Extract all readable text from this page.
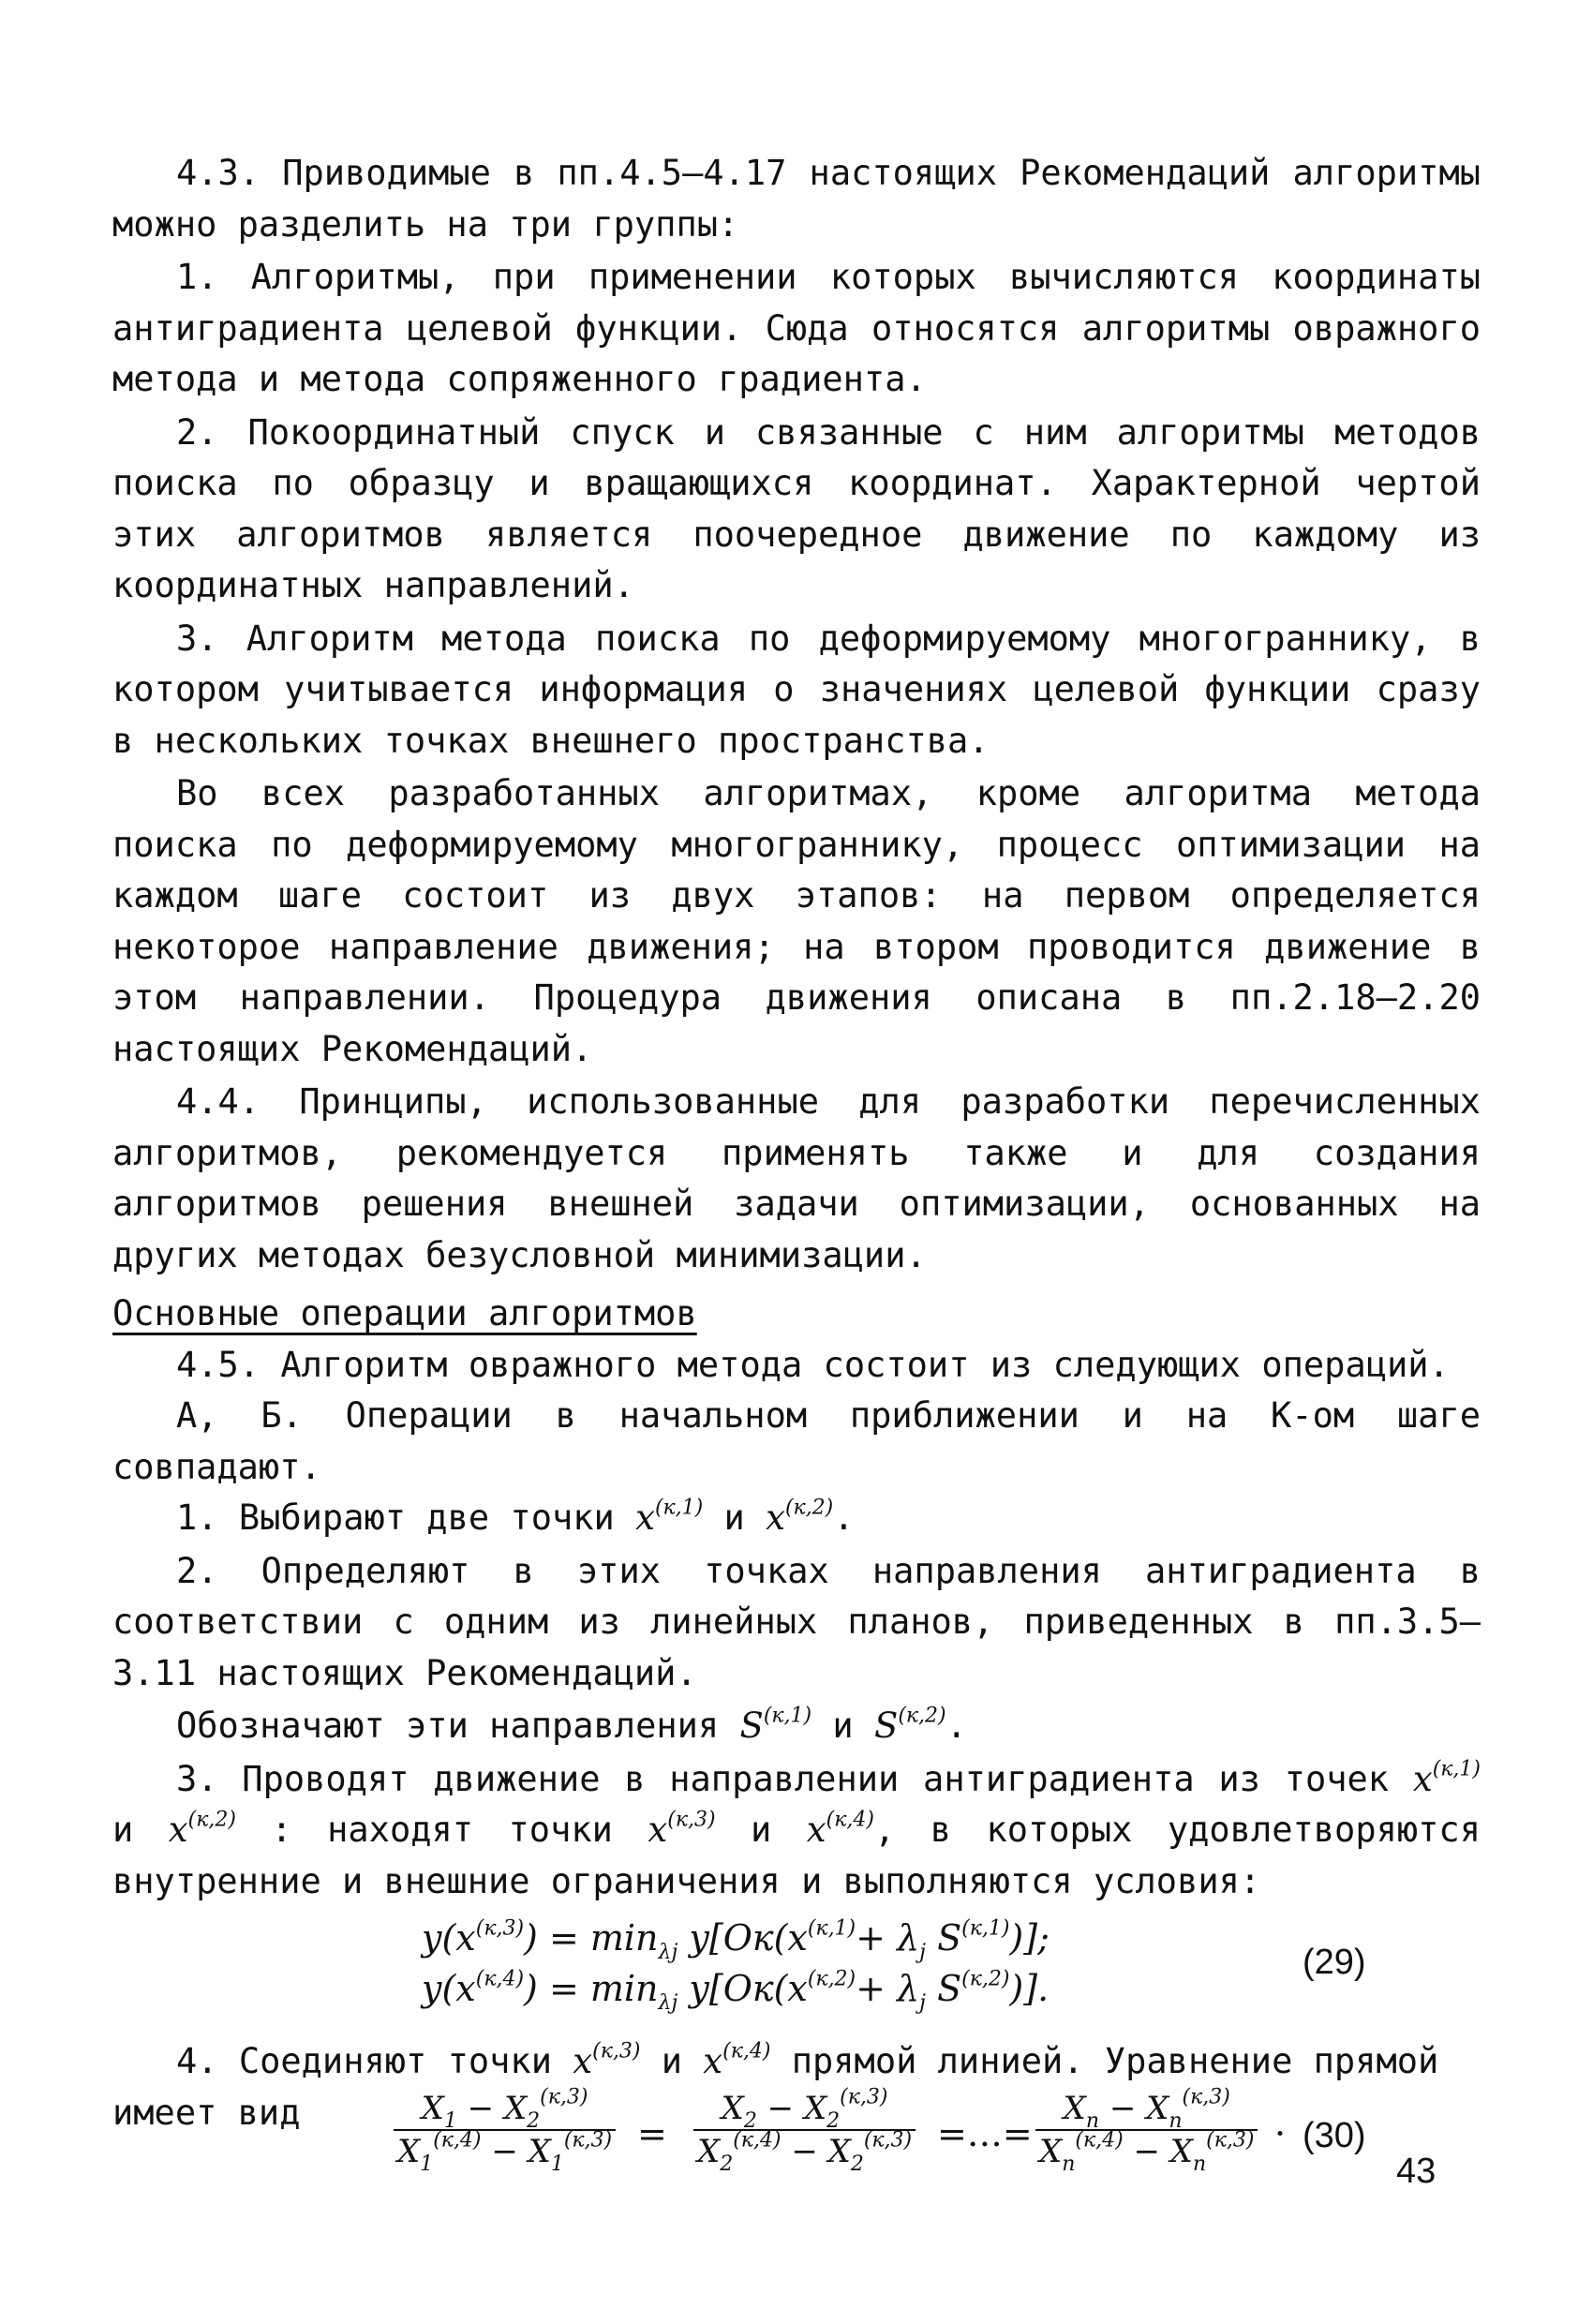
4.3. Приводимые в пп.4.5–4.17 настоящих Рекомендаций алгоритмы можно разделить на три группы:

1. Алгоритмы, при применении которых вычисляются координаты антиградиента целевой функции. Сюда относятся алгоритмы овражного метода и метода сопряженного градиента.

2. Покоординатный спуск и связанные с ним алгоритмы методов поиска по образцу и вращающихся координат. Характерной чертой этих алгоритмов является поочередное движение по каждому из координатных направлений.

3. Алгоритм метода поиска по деформируемому многограннику, в котором учитывается информация о значениях целевой функции сразу в нескольких точках внешнего пространства.

Во всех разработанных алгоритмах, кроме алгоритма метода поиска по деформируемому многограннику, процесс оптимизации на каждом шаге состоит из двух этапов: на первом определяется некоторое направление движения; на втором проводится движение в этом направлении. Процедура движения описана в пп.2.18–2.20 настоящих Рекомендаций.

4.4. Принципы, использованные для разработки перечисленных алгоритмов, рекомендуется применять также и для создания алгоритмов решения внешней задачи оптимизации, основанных на других методах безусловной минимизации.

Основные операции алгоритмов

4.5. Алгоритм овражного метода состоит из следующих операций.

А, Б. Операции в начальном приближении и на К-ом шаге совпадают.

1. Выбирают две точки $x^{(к,1)}$ и $x^{(к,2)}$.

2. Определяют в этих точках направления антиградиента в соответствии с одним из линейных планов, приведенных в пп.3.5–3.11 настоящих Рекомендаций.

Обозначают эти направления $S^{(к,1)}$ и $S^{(к,2)}$.

3. Проводят движение в направлении антиградиента из точек $x^{(к,1)}$ и $x^{(к,2)}$ : находят точки $x^{(к,3)}$ и $x^{(к,4)}$, в которых удовлетворяются внутренние и внешние ограничения и выполняются условия:

$y(x^{(к,3)}) = \min_{\lambda j} y[Ок(x^{(к,1)}+ \lambda_j$ $S^{(к,1)}$)];
$y(x^{(к,4)}) = \min_{\lambda j} y[Ок(x^{(к,2)}+ \lambda_j$ $S^{(к,2)}$)].
(29)

4. Соединяют точки $x^{(к,3)}$ и $x^{(к,4)}$ прямой линией. Уравнение прямой

имеет вид	$X_1 - X_2^{(к,3)}$
$X_1^{(к,4)} - X_1^{(к,3)}$ =
$X_2 - X_2^{(к,3)}$
$X_2^{(к,4)} - X_2^{(к,3)}$ =…=
$X_n - X_n^{(к,3)}$
$X_n^{(к,4)} - X_n^{(к,3)} \cdot (30)$
43
